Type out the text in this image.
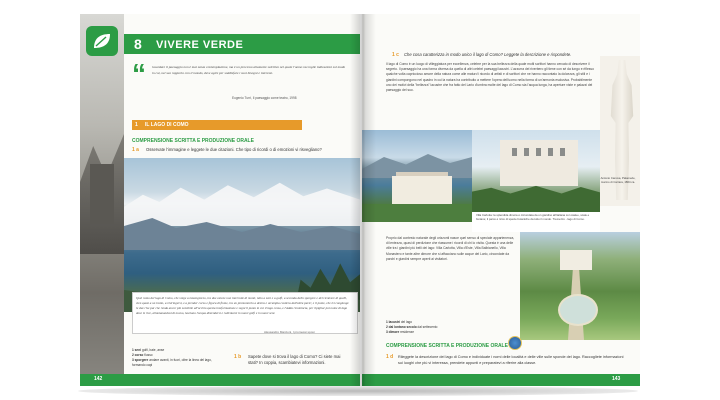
8 VIVERE VERDE
“ Guardare il paesaggio non è mai senza contemplazione, ma è un processo altamente selettivo nel quale l'uomo raccoglie indicazioni sul modo in cui, nel suo rapporto con il mondo, deve agire per soddisfare i suoi bisogni e interessi.
Eugenio Turri, Il paesaggio come teatro, 1998
1 IL LAGO DI COMO
COMPRENSIONE SCRITTA E PRODUZIONE ORALE
1 a Osservate l'immagine e leggete le due citazioni. Che tipo di ricordi o di emozioni vi risvegliano?
Quel ramo del lago di Como, che volge a mezzogiorno, tra due catene non interrotte di monti, tutto a seni e a golfi, a seconda dello sporgere e del rientrare di quelli, vien quasi a un tratto, a ristringersi, e a prender corso e figura di fiume, tra un promontorio a destra e un'ampia costiera dall'altra parte; e il ponte, che ivi congiunge le due rive par che renda ancor più sensibile all'occhio questa trasformazione e segni il punto in cui il lago cessa, e l'Adda ricomincia, per ripigliar poi nome di lago dove le rive, allontanandosi di nuovo, lasciano l'acqua distendersi e rallentarsi in nuovi golfi e in nuovi seni.
Alessandro Manzoni, I promessi sposi
1 seni golfi, baie, anse
2 corso flusso
3 sporgere andare avanti, in fuori, oltre la linea del lago, formando capi
1 b Sapete dove si trova il lago di Como? Ci siete mai stati? In coppia, scambiatevi informazioni.
142
1 c Che cosa caratterizza in modo unico il lago di Como? Leggete la descrizione e rispondete.
Il lago di Como è un luogo di villeggiatura per eccellenza, celebre per la sua bellezza della quale molti scrittori hanno cercato di descrivere il segreto. Il paesaggio ha una forma diversa da quella di altri celebri paesaggi lacustri. L'azzurra del riverbero gli tiene con sé da lungo e riflesso qualche volta capriccioso amore della natura come alle maturo'i ricordo di artisti e di scrittori che ne hanno raccontato la dolcezza, gli stili e i giardini compongono nel quadro in cui la natura ha contribuito a mettere l'opera dell'uomo nella forma di un'armonia esclusiva. Probabilmente uno dei motivi della "bellezza" lacustre che fra fatto del Lario d'umbra molte del lago di Como sia l'acqua lunga, ha aperture viste e palazzi del paesaggio del suo.
Antonio Canova, Palamede, marmo di Carrara, 1804 ca.
Villa Carlotta: la splendida dimora è circondata da un giardino all'italiana con statue, scale e fontane; il parco è ricco di specie botaniche da tutto il mondo. Tremezzo - lago di Como.
Proprio dal contesto naturale degli orizzonti nasce quel senso di speciale appartenenza, di lentezza, quasi di perdizione che riassume i ricordi di chi lo visita. Questa è una delle ville tra i giardini più belli del lago: Villa Carlotta, Villa d'Este, Villa Balbianello, Villa Monastero e tante altre dimore che si affacciano sulle acque del Lario, circondate da parchi e giardini sempre aperti ai visitatori.
1 lacustri del lago
2 dal lontano secolo dal settecento
3 dimore residenze
COMPRENSIONE SCRITTA E PRODUZIONE ORALE
1 d Rileggete la descrizione del lago di Como e individuate i nomi delle località e delle ville sulle sponde del lago. Raccogliete informazioni sui luoghi che più vi interessa, prendete appunti e preparatevi a riferire alla classe.
143
